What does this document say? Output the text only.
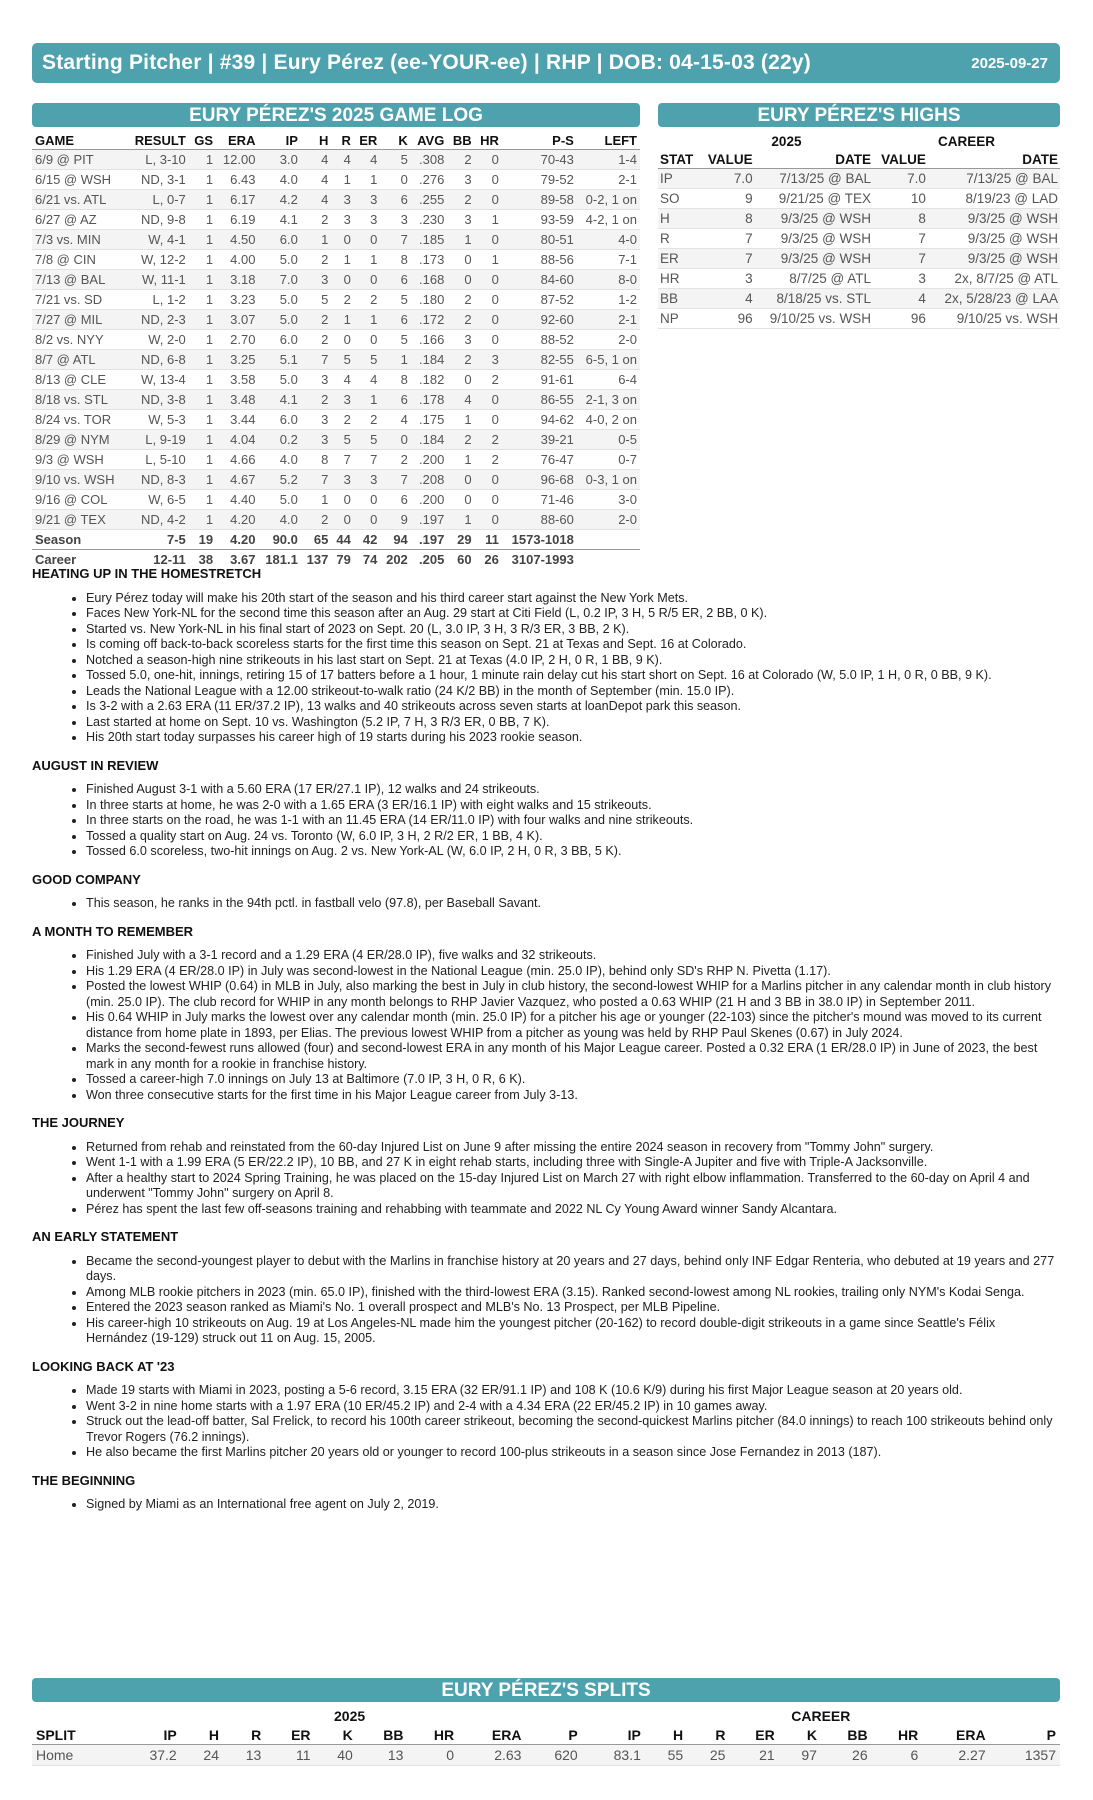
Starting Pitcher | #39 | Eury Pérez (ee-YOUR-ee) | RHP | DOB: 04-15-03 (22y)	2025-09-27
EURY PÉREZ'S 2025 GAME LOG
GAME	RESULT	GS	ERA	IP	H	R	ER	K	AVG	BB	HR	P-S	LEFT
6/9 @ PIT	L, 3-10	1	12.00	3.0	4	4	4	5	.308	2	0	70-43	1-4
6/15 @ WSH	ND, 3-1	1	6.43	4.0	4	1	1	0	.276	3	0	79-52	2-1
6/21 vs. ATL	L, 0-7	1	6.17	4.2	4	3	3	6	.255	2	0	89-58	0-2, 1 on
6/27 @ AZ	ND, 9-8	1	6.19	4.1	2	3	3	3	.230	3	1	93-59	4-2, 1 on
7/3 vs. MIN	W, 4-1	1	4.50	6.0	1	0	0	7	.185	1	0	80-51	4-0
7/8 @ CIN	W, 12-2	1	4.00	5.0	2	1	1	8	.173	0	1	88-56	7-1
7/13 @ BAL	W, 11-1	1	3.18	7.0	3	0	0	6	.168	0	0	84-60	8-0
7/21 vs. SD	L, 1-2	1	3.23	5.0	5	2	2	5	.180	2	0	87-52	1-2
7/27 @ MIL	ND, 2-3	1	3.07	5.0	2	1	1	6	.172	2	0	92-60	2-1
8/2 vs. NYY	W, 2-0	1	2.70	6.0	2	0	0	5	.166	3	0	88-52	2-0
8/7 @ ATL	ND, 6-8	1	3.25	5.1	7	5	5	1	.184	2	3	82-55	6-5, 1 on
8/13 @ CLE	W, 13-4	1	3.58	5.0	3	4	4	8	.182	0	2	91-61	6-4
8/18 vs. STL	ND, 3-8	1	3.48	4.1	2	3	1	6	.178	4	0	86-55	2-1, 3 on
8/24 vs. TOR	W, 5-3	1	3.44	6.0	3	2	2	4	.175	1	0	94-62	4-0, 2 on
8/29 @ NYM	L, 9-19	1	4.04	0.2	3	5	5	0	.184	2	2	39-21	0-5
9/3 @ WSH	L, 5-10	1	4.66	4.0	8	7	7	2	.200	1	2	76-47	0-7
9/10 vs. WSH	ND, 8-3	1	4.67	5.2	7	3	3	7	.208	0	0	96-68	0-3, 1 on
9/16 @ COL	W, 6-5	1	4.40	5.0	1	0	0	6	.200	0	0	71-46	3-0
9/21 @ TEX	ND, 4-2	1	4.20	4.0	2	0	0	9	.197	1	0	88-60	2-0
Season	7-5	19	4.20	90.0	65	44	42	94	.197	29	11	1573-1018	
Career	12-11	38	3.67	181.1	137	79	74	202	.205	60	26	3107-1993	
EURY PÉREZ'S HIGHS
	2025		CAREER	
STAT	VALUE	DATE	VALUE	DATE
IP	7.0	7/13/25 @ BAL	7.0	7/13/25 @ BAL
SO	9	9/21/25 @ TEX	10	8/19/23 @ LAD
H	8	9/3/25 @ WSH	8	9/3/25 @ WSH
R	7	9/3/25 @ WSH	7	9/3/25 @ WSH
ER	7	9/3/25 @ WSH	7	9/3/25 @ WSH
HR	3	8/7/25 @ ATL	3	2x, 8/7/25 @ ATL
BB	4	8/18/25 vs. STL	4	2x, 5/28/23 @ LAA
NP	96	9/10/25 vs. WSH	96	9/10/25 vs. WSH
HEATING UP IN THE HOMESTRETCH
• Eury Pérez today will make his 20th start of the season and his third career start against the New York Mets.
• Faces New York-NL for the second time this season after an Aug. 29 start at Citi Field (L, 0.2 IP, 3 H, 5 R/5 ER, 2 BB, 0 K).
• Started vs. New York-NL in his final start of 2023 on Sept. 20 (L, 3.0 IP, 3 H, 3 R/3 ER, 3 BB, 2 K).
• Is coming off back-to-back scoreless starts for the first time this season on Sept. 21 at Texas and Sept. 16 at Colorado.
• Notched a season-high nine strikeouts in his last start on Sept. 21 at Texas (4.0 IP, 2 H, 0 R, 1 BB, 9 K).
• Tossed 5.0, one-hit, innings, retiring 15 of 17 batters before a 1 hour, 1 minute rain delay cut his start short on Sept. 16 at Colorado (W, 5.0 IP, 1 H, 0 R, 0 BB, 9 K).
• Leads the National League with a 12.00 strikeout-to-walk ratio (24 K/2 BB) in the month of September (min. 15.0 IP).
• Is 3-2 with a 2.63 ERA (11 ER/37.2 IP), 13 walks and 40 strikeouts across seven starts at loanDepot park this season.
• Last started at home on Sept. 10 vs. Washington (5.2 IP, 7 H, 3 R/3 ER, 0 BB, 7 K).
• His 20th start today surpasses his career high of 19 starts during his 2023 rookie season.
AUGUST IN REVIEW
• Finished August 3-1 with a 5.60 ERA (17 ER/27.1 IP), 12 walks and 24 strikeouts.
• In three starts at home, he was 2-0 with a 1.65 ERA (3 ER/16.1 IP) with eight walks and 15 strikeouts.
• In three starts on the road, he was 1-1 with an 11.45 ERA (14 ER/11.0 IP) with four walks and nine strikeouts.
• Tossed a quality start on Aug. 24 vs. Toronto (W, 6.0 IP, 3 H, 2 R/2 ER, 1 BB, 4 K).
• Tossed 6.0 scoreless, two-hit innings on Aug. 2 vs. New York-AL (W, 6.0 IP, 2 H, 0 R, 3 BB, 5 K).
GOOD COMPANY
• This season, he ranks in the 94th pctl. in fastball velo (97.8), per Baseball Savant.
A MONTH TO REMEMBER
• Finished July with a 3-1 record and a 1.29 ERA (4 ER/28.0 IP), five walks and 32 strikeouts.
• His 1.29 ERA (4 ER/28.0 IP) in July was second-lowest in the National League (min. 25.0 IP), behind only SD's RHP N. Pivetta (1.17).
• Posted the lowest WHIP (0.64) in MLB in July, also marking the best in July in club history, the second-lowest WHIP for a Marlins pitcher in any calendar month in club history (min. 25.0 IP). The club record for WHIP in any month belongs to RHP Javier Vazquez, who posted a 0.63 WHIP (21 H and 3 BB in 38.0 IP) in September 2011.
• His 0.64 WHIP in July marks the lowest over any calendar month (min. 25.0 IP) for a pitcher his age or younger (22-103) since the pitcher's mound was moved to its current distance from home plate in 1893, per Elias. The previous lowest WHIP from a pitcher as young was held by RHP Paul Skenes (0.67) in July 2024.
• Marks the second-fewest runs allowed (four) and second-lowest ERA in any month of his Major League career. Posted a 0.32 ERA (1 ER/28.0 IP) in June of 2023, the best mark in any month for a rookie in franchise history.
• Tossed a career-high 7.0 innings on July 13 at Baltimore (7.0 IP, 3 H, 0 R, 6 K).
• Won three consecutive starts for the first time in his Major League career from July 3-13.
THE JOURNEY
• Returned from rehab and reinstated from the 60-day Injured List on June 9 after missing the entire 2024 season in recovery from "Tommy John" surgery.
• Went 1-1 with a 1.99 ERA (5 ER/22.2 IP), 10 BB, and 27 K in eight rehab starts, including three with Single-A Jupiter and five with Triple-A Jacksonville.
• After a healthy start to 2024 Spring Training, he was placed on the 15-day Injured List on March 27 with right elbow inflammation. Transferred to the 60-day on April 4 and underwent "Tommy John" surgery on April 8.
• Pérez has spent the last few off-seasons training and rehabbing with teammate and 2022 NL Cy Young Award winner Sandy Alcantara.
AN EARLY STATEMENT
• Became the second-youngest player to debut with the Marlins in franchise history at 20 years and 27 days, behind only INF Edgar Renteria, who debuted at 19 years and 277 days.
• Among MLB rookie pitchers in 2023 (min. 65.0 IP), finished with the third-lowest ERA (3.15). Ranked second-lowest among NL rookies, trailing only NYM's Kodai Senga.
• Entered the 2023 season ranked as Miami's No. 1 overall prospect and MLB's No. 13 Prospect, per MLB Pipeline.
• His career-high 10 strikeouts on Aug. 19 at Los Angeles-NL made him the youngest pitcher (20-162) to record double-digit strikeouts in a game since Seattle's Félix Hernández (19-129) struck out 11 on Aug. 15, 2005.
LOOKING BACK AT '23
• Made 19 starts with Miami in 2023, posting a 5-6 record, 3.15 ERA (32 ER/91.1 IP) and 108 K (10.6 K/9) during his first Major League season at 20 years old.
• Went 3-2 in nine home starts with a 1.97 ERA (10 ER/45.2 IP) and 2-4 with a 4.34 ERA (22 ER/45.2 IP) in 10 games away.
• Struck out the lead-off batter, Sal Frelick, to record his 100th career strikeout, becoming the second-quickest Marlins pitcher (84.0 innings) to reach 100 strikeouts behind only Trevor Rogers (76.2 innings).
• He also became the first Marlins pitcher 20 years old or younger to record 100-plus strikeouts in a season since Jose Fernandez in 2013 (187).
THE BEGINNING
• Signed by Miami as an International free agent on July 2, 2019.
EURY PÉREZ'S SPLITS
	2025									CAREER								
SPLIT	IP	H	R	ER	K	BB	HR	ERA	P	IP	H	R	ER	K	BB	HR	ERA	P
Home	37.2	24	13	11	40	13	0	2.63	620	83.1	55	25	21	97	26	6	2.27	1357
